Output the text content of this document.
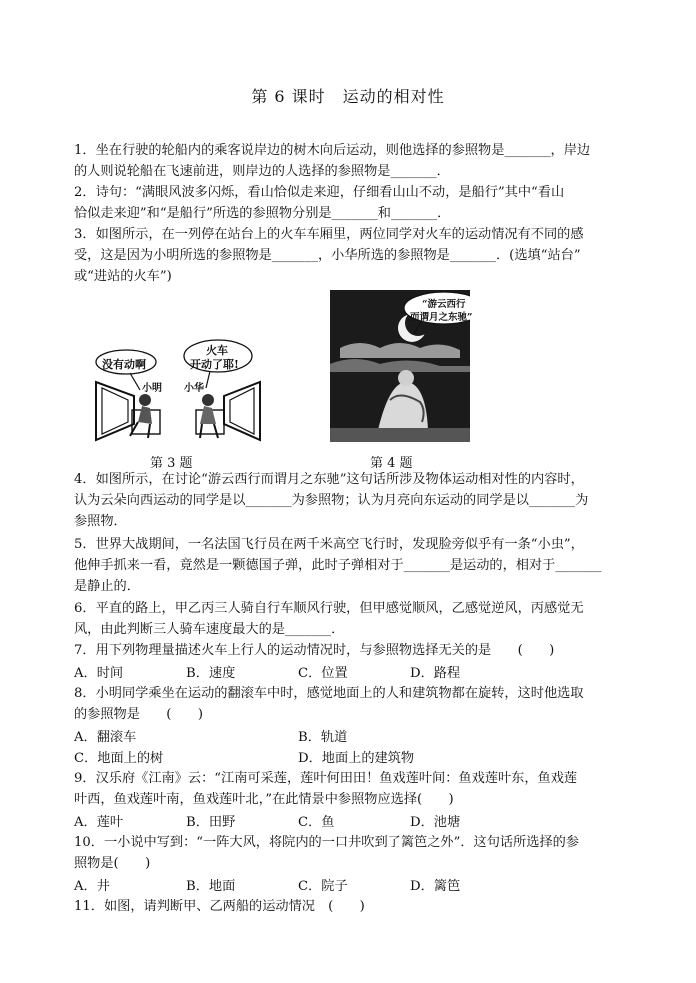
第 6 课时　运动的相对性

1．坐在行驶的轮船内的乘客说岸边的树木向后运动，则他选择的参照物是_______，岸边
的人则说轮船在飞速前进，则岸边的人选择的参照物是_______．

2．诗句：“满眼风波多闪烁，看山恰似走来迎，仔细看山山不动，是船行”其中“看山
恰似走来迎”和“是船行”所选的参照物分别是_______和_______．

3．如图所示，在一列停在站台上的火车车厢里，两位同学对火车的运动情况有不同的感
受，这是因为小明所选的参照物是_______，小华所选的参照物是_______．(选填“站台”
或“进站的火车”)

没有动啊
火车
开动了耶!
小明 小华
第 3 题
“游云西行
而谓月之东驰”
第 4 题

4．如图所示，在讨论“游云西行而谓月之东驰”这句话所涉及物体运动相对性的内容时，
认为云朵向西运动的同学是以_______为参照物；认为月亮向东运动的同学是以_______为
参照物．

5．世界大战期间，一名法国飞行员在两千米高空飞行时，发现脸旁似乎有一条“小虫”，
他伸手抓来一看，竟然是一颗德国子弹，此时子弹相对于_______是运动的，相对于_______
是静止的．

6．平直的路上，甲乙丙三人骑自行车顺风行驶，但甲感觉顺风，乙感觉逆风，丙感觉无
风，由此判断三人骑车速度最大的是_______．

7．用下列物理量描述火车上行人的运动情况时，与参照物选择无关的是　　(　　)

A．时间	B．速度	C．位置	D．路程

8．小明同学乘坐在运动的翻滚车中时，感觉地面上的人和建筑物都在旋转，这时他选取
的参照物是　　(　　)

A．翻滚车	B．轨道
C．地面上的树	D．地面上的建筑物

9．汉乐府《江南》云：“江南可采莲，莲叶何田田！鱼戏莲叶间：鱼戏莲叶东，鱼戏莲
叶西，鱼戏莲叶南，鱼戏莲叶北，”在此情景中参照物应选择(　　)

A．莲叶	B．田野	C．鱼	D．池塘

10．一小说中写到：“一阵大风，将院内的一口井吹到了篱笆之外”．这句话所选择的参
照物是(　　)

A．井	B．地面	C．院子	D．篱笆

11．如图，请判断甲、乙两船的运动情况　(　　)
